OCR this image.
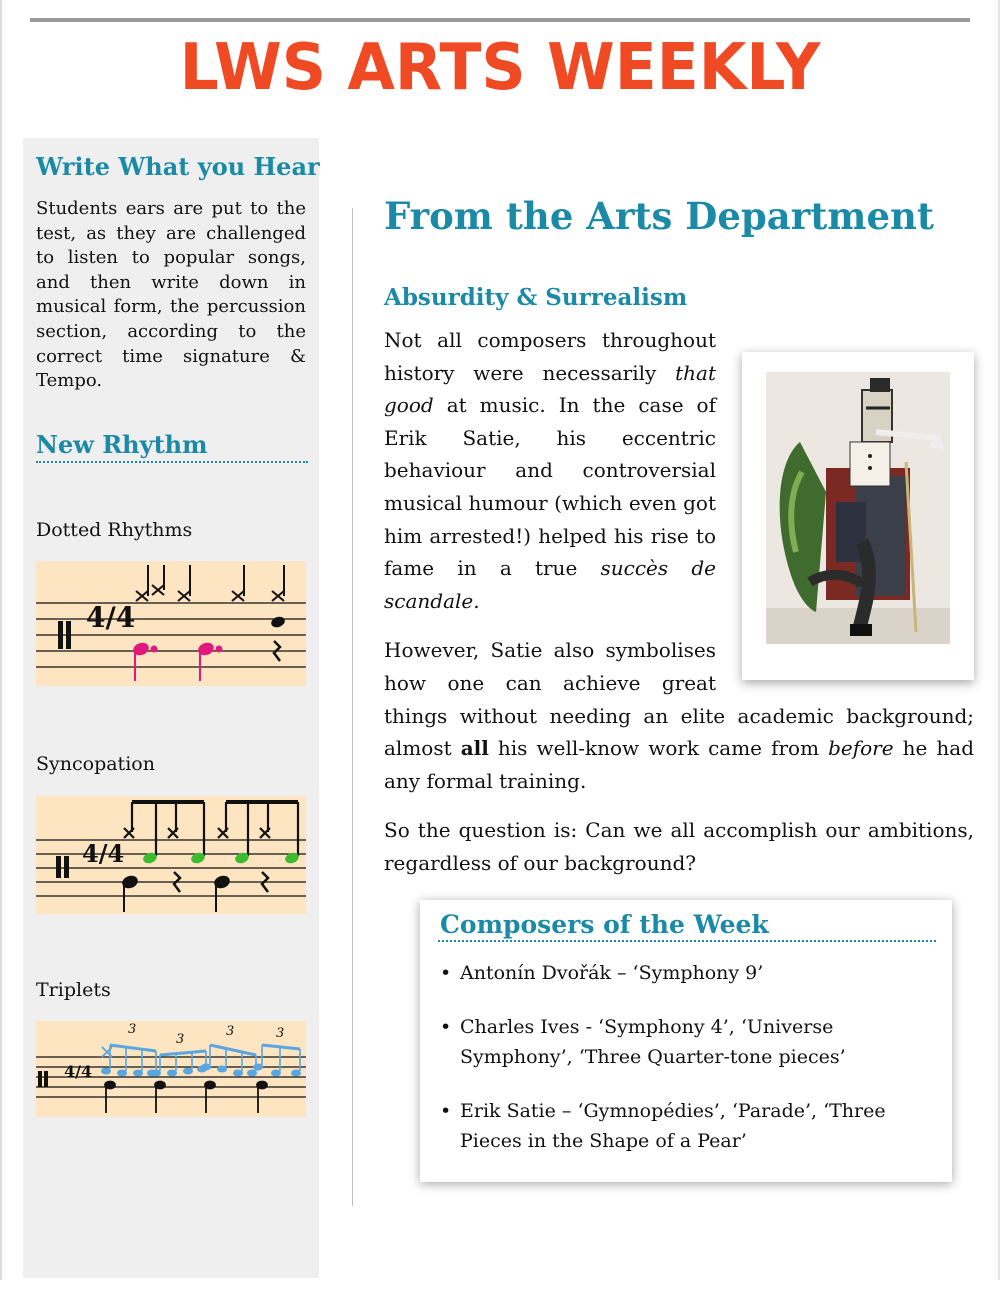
LWS ARTS WEEKLY
Write What you Hear
Students ears are put to the test, as they are challenged to listen to popular songs, and then write down in musical form, the percussion section, according to the correct time signature & Tempo.
New Rhythm
Dotted Rhythms
4/4
Syncopation
4/4
Triplets
4/4
3
3
3	3
From the Arts Department
Absurdity & Surrealism

Not all composers throughout history were necessarily that good at music. In the case of Erik Satie, his eccentric behaviour and controversial musical humour (which even got him arrested!) helped his rise to fame in a true succès de scandale.

However, Satie also symbolises how one can achieve great things without needing an elite academic background; almost all his well-know work came from before he had any formal training.

So the question is: Can we all accomplish our ambitions, regardless of our background?

Composers of the Week
• Antonín Dvořák – ‘Symphony 9’
• Charles Ives - ‘Symphony 4’, ‘Universe Symphony’, ‘Three Quarter-tone pieces’
• Erik Satie – ‘Gymnopédies’, ‘Parade’, ‘Three Pieces in the Shape of a Pear’
